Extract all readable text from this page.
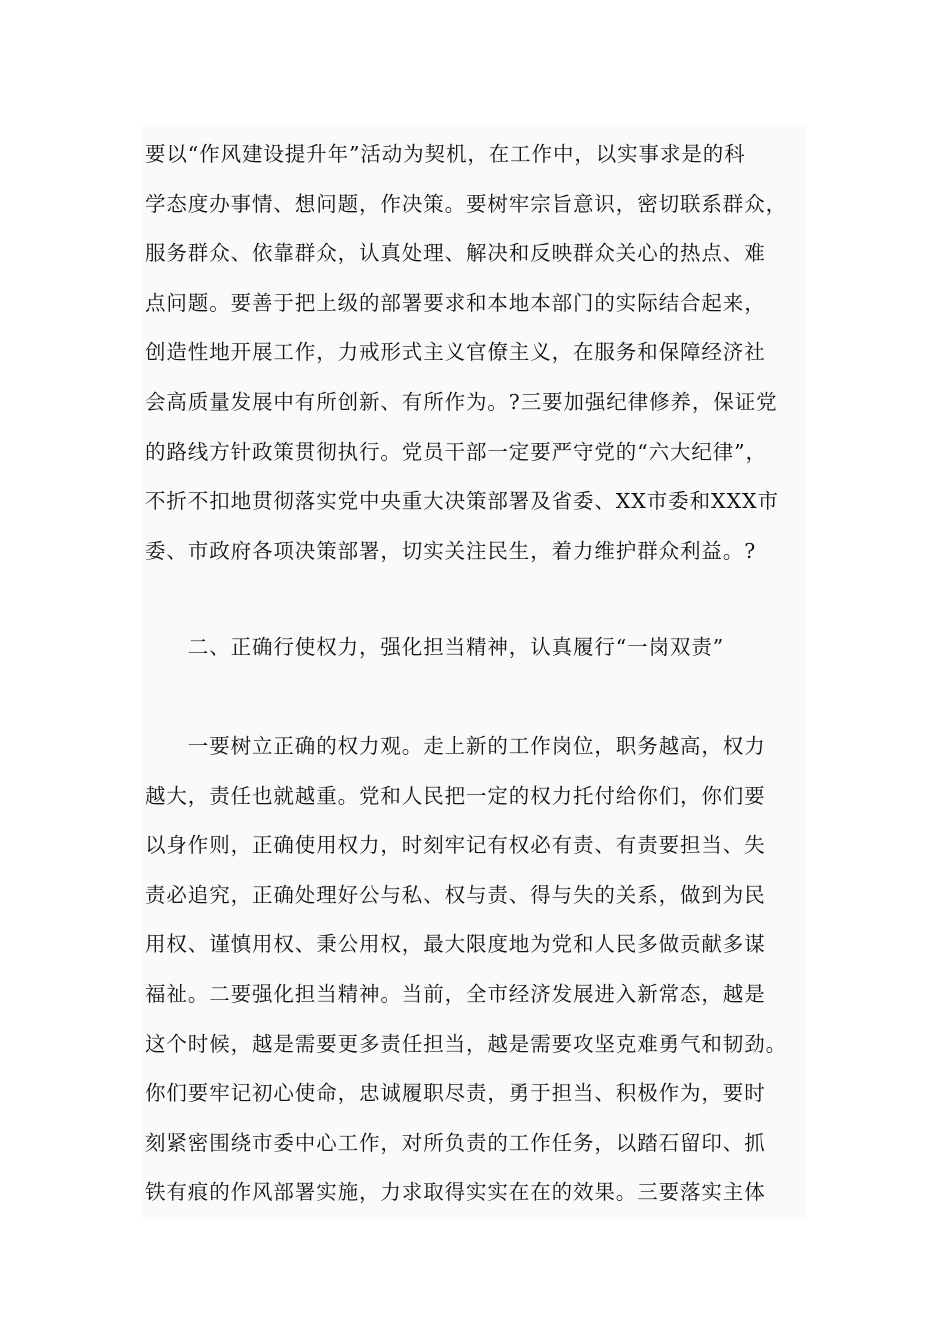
要以“作风建设提升年”活动为契机，在工作中，以实事求是的科
学态度办事情、想问题，作决策。要树牢宗旨意识，密切联系群众，
服务群众、依靠群众，认真处理、解决和反映群众关心的热点、难
点问题。要善于把上级的部署要求和本地本部门的实际结合起来，
创造性地开展工作，力戒形式主义官僚主义，在服务和保障经济社
会高质量发展中有所创新、有所作为。?三要加强纪律修养，保证党
的路线方针政策贯彻执行。党员干部一定要严守党的“六大纪律”，
不折不扣地贯彻落实党中央重大决策部署及省委、XX市委和XXX市
委、市政府各项决策部署，切实关注民生，着力维护群众利益。?
　　二、正确行使权力，强化担当精神，认真履行“一岗双责”
　　一要树立正确的权力观。走上新的工作岗位，职务越高，权力
越大，责任也就越重。党和人民把一定的权力托付给你们，你们要
以身作则，正确使用权力，时刻牢记有权必有责、有责要担当、失
责必追究，正确处理好公与私、权与责、得与失的关系，做到为民
用权、谨慎用权、秉公用权，最大限度地为党和人民多做贡献多谋
福祉。二要强化担当精神。当前，全市经济发展进入新常态，越是
这个时候，越是需要更多责任担当，越是需要攻坚克难勇气和韧劲。
你们要牢记初心使命，忠诚履职尽责，勇于担当、积极作为，要时
刻紧密围绕市委中心工作，对所负责的工作任务，以踏石留印、抓
铁有痕的作风部署实施，力求取得实实在在的效果。三要落实主体
